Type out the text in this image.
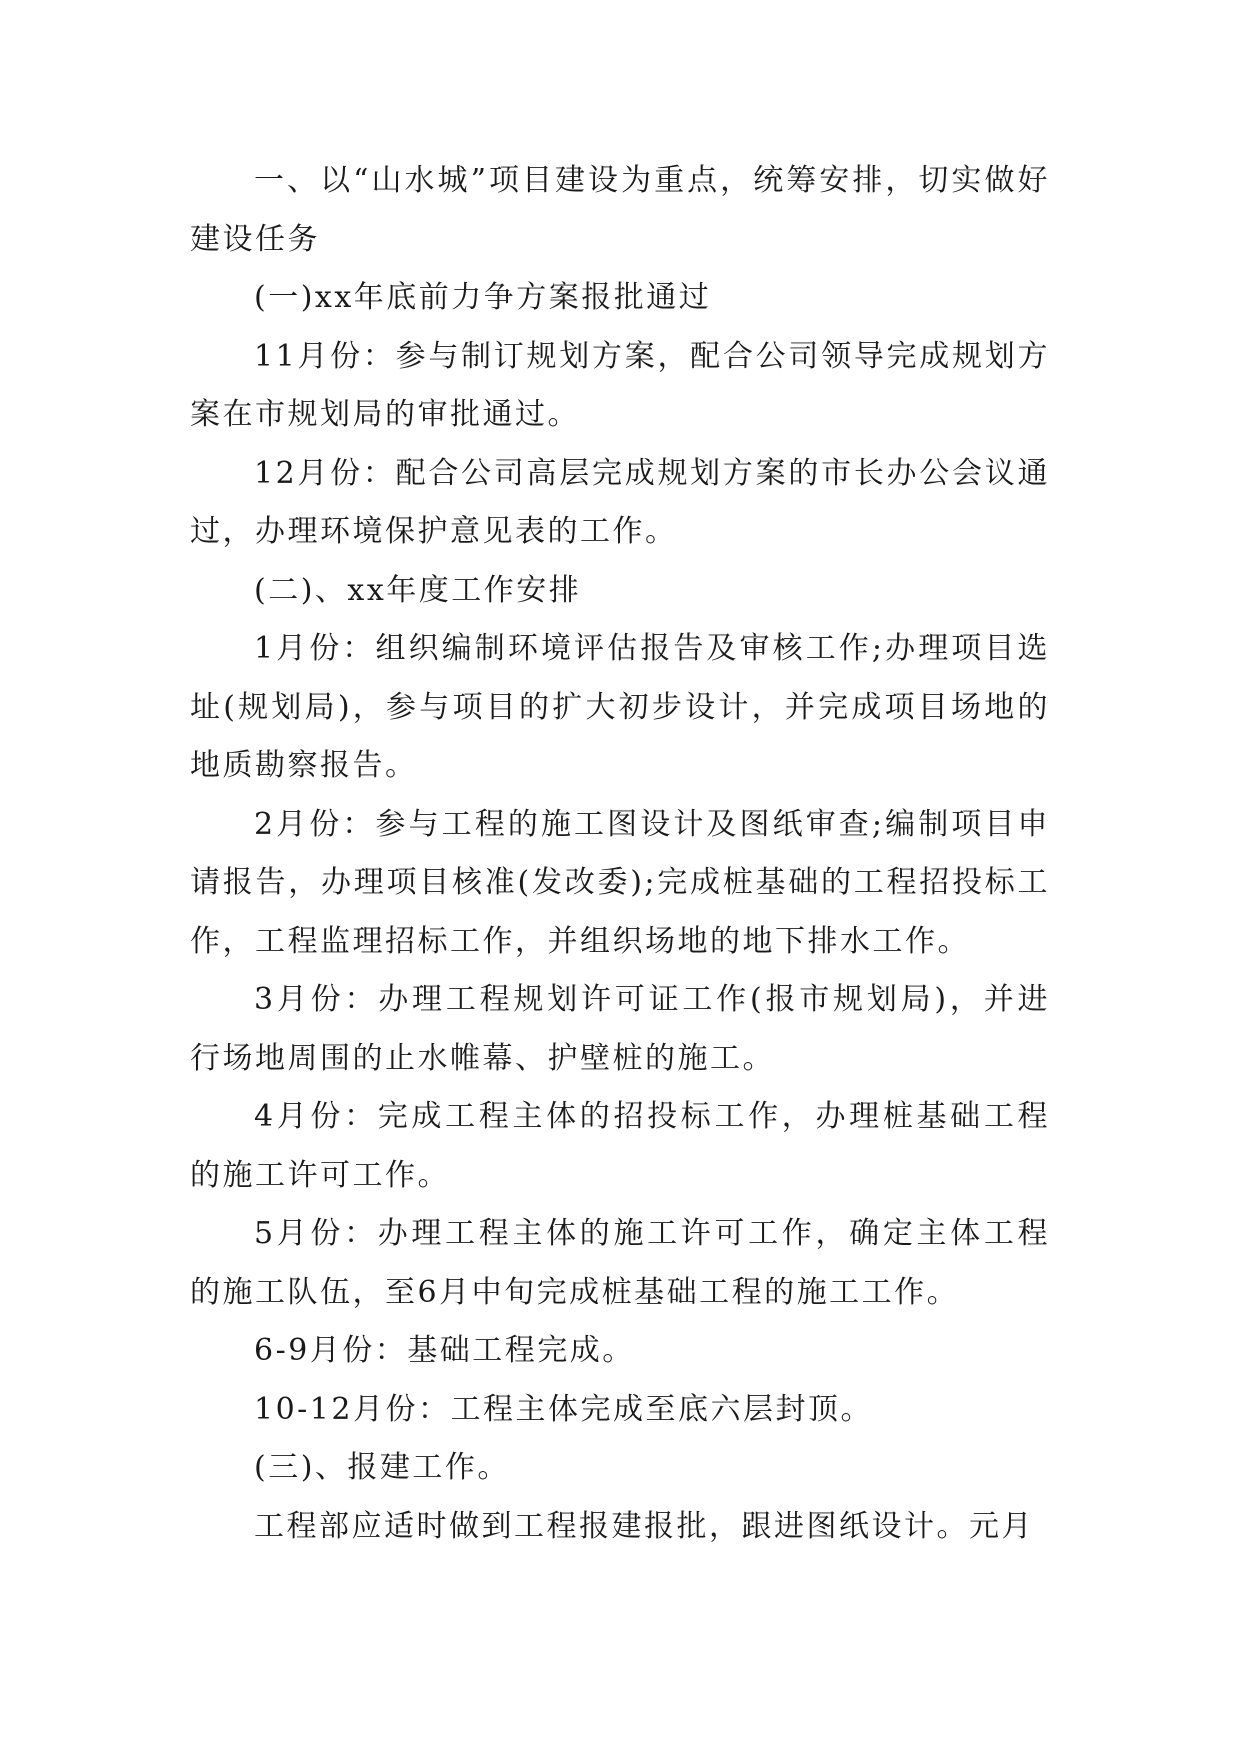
一、以“山水城”项目建设为重点，统筹安排，切实做好建设任务

(一)xx年底前力争方案报批通过

11月份：参与制订规划方案，配合公司领导完成规划方案在市规划局的审批通过。

12月份：配合公司高层完成规划方案的市长办公会议通过，办理环境保护意见表的工作。

(二)、xx年度工作安排

1月份：组织编制环境评估报告及审核工作;办理项目选址(规划局)，参与项目的扩大初步设计，并完成项目场地的地质勘察报告。

2月份：参与工程的施工图设计及图纸审查;编制项目申请报告，办理项目核准(发改委);完成桩基础的工程招投标工作，工程监理招标工作，并组织场地的地下排水工作。

3月份：办理工程规划许可证工作(报市规划局)，并进行场地周围的止水帷幕、护壁桩的施工。

4月份：完成工程主体的招投标工作，办理桩基础工程的施工许可工作。

5月份：办理工程主体的施工许可工作，确定主体工程的施工队伍，至6月中旬完成桩基础工程的施工工作。

6-9月份：基础工程完成。

10-12月份：工程主体完成至底六层封顶。

(三)、报建工作。

工程部应适时做到工程报建报批，跟进图纸设计。元月
